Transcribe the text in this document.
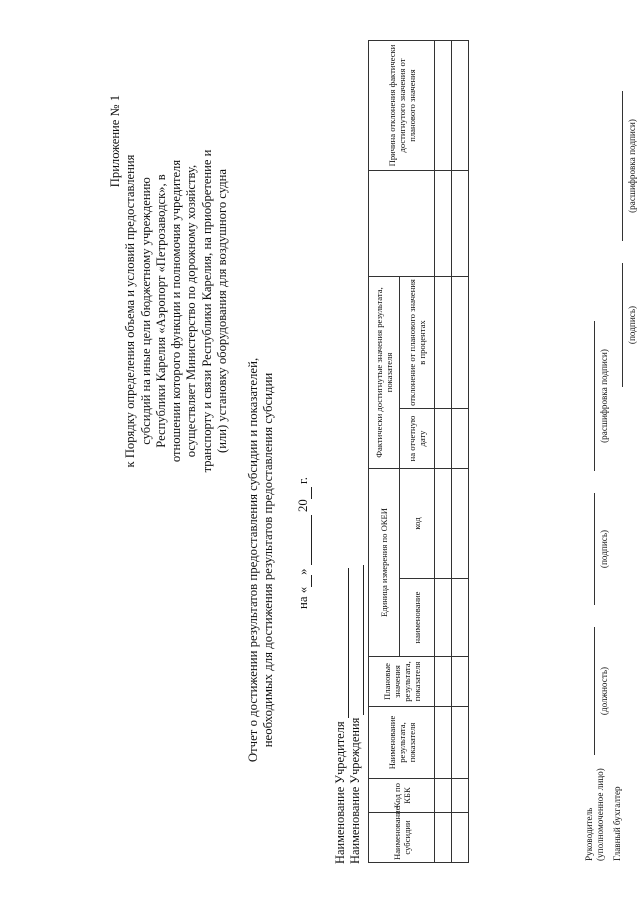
Приложение № 1
к Порядку определения объема и условий предоставления субсидий на иные цели бюджетному учреждению Республики Карелия «Аэропорт «Петрозаводск», в отношении которого функции и полномочия учредителя осуществляет Министерство по дорожному хозяйству, транспорту и связи Республики Карелия, на приобретение и (или) установку оборудования для воздушного судна
Отчет о достижении результатов предоставления субсидии и показателей, необходимых для достижения результатов предоставления субсидии на « »   20  г.
Наименование Учредителя Наименование Учреждения	Наименование субсидии	Код по КБК	Наименование результата, показателя	Плановые значения результата, показателя	Единица измерения по ОКЕИ		Фактически достигнутые значения результата, показателя			Причина отклонения фактически достигнутого значения от планового значения
				наименование	код	на отчетную дату	отклонение от планового значения в процентах		

Руководитель (уполномоченное лицо)
(должность)
(подпись)
(расшифровка подписи)
Главный бухгалтер
(подпись)
(расшифровка подписи)
